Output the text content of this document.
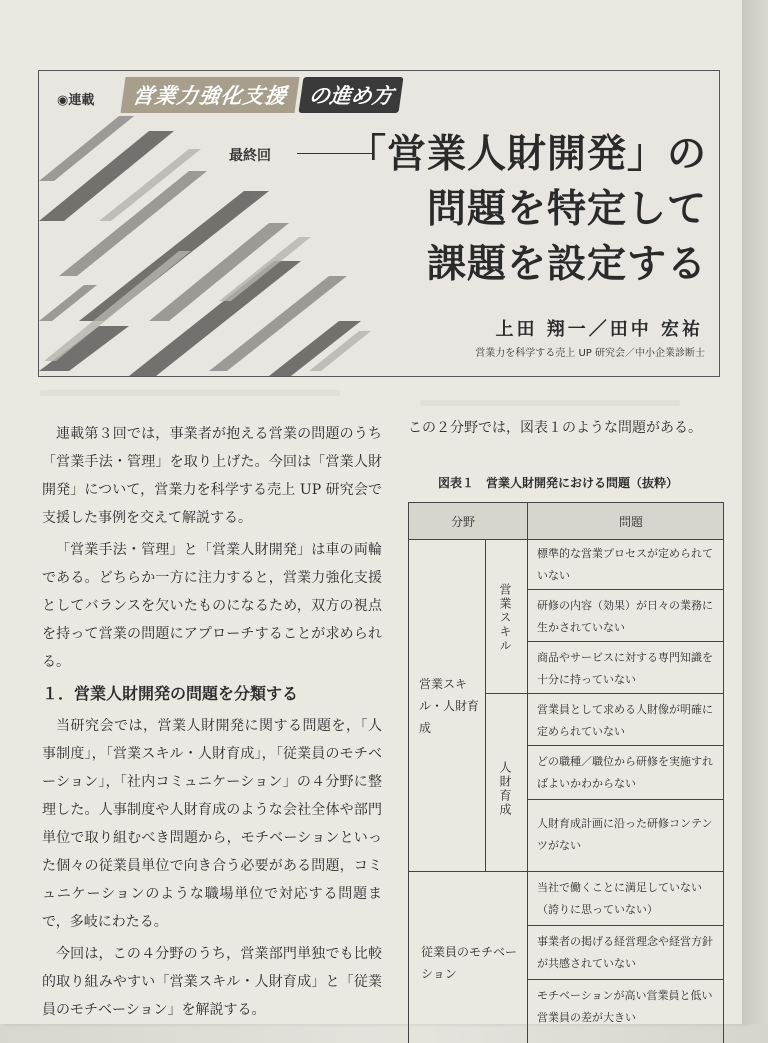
◉連載	営業力強化支援 の進め方
最終回 「営業人財開発」の
問題を特定して
課題を設定する
上田 翔一／田中 宏祐
営業力を科学する売上 UP 研究会／中小企業診断士

連載第３回では，事業者が抱える営業の問題のうち「営業手法・管理」を取り上げた。今回は「営業人財開発」について，営業力を科学する売上 UP 研究会で支援した事例を交えて解説する。

「営業手法・管理」と「営業人財開発」は車の両輪である。どちらか一方に注力すると，営業力強化支援としてバランスを欠いたものになるため，双方の視点を持って営業の問題にアプローチすることが求められる。

１．営業人財開発の問題を分類する

当研究会では，営業人財開発に関する問題を，「人事制度」，「営業スキル・人財育成」，「従業員のモチベーション」，「社内コミュニケーション」の４分野に整理した。人事制度や人財育成のような会社全体や部門単位で取り組むべき問題から，モチベーションといった個々の従業員単位で向き合う必要がある問題，コミュニケーションのような職場単位で対応する問題まで，多岐にわたる。

今回は，この４分野のうち，営業部門単独でも比較的取り組みやすい「営業スキル・人財育成」と「従業員のモチベーション」を解説する。

この２分野では，図表１のような問題がある。
図表１　営業人財開発における問題（抜粋）
分野	問題
営業スキル・人財育成
営業スキル
人財育成
従業員のモチベーション
標準的な営業プロセスが定められていない
研修の内容（効果）が日々の業務に生かされていない
商品やサービスに対する専門知識を十分に持っていない
営業員として求める人財像が明確に定められていない
どの職種／職位から研修を実施すればよいかわからない
人財育成計画に沿った研修コンテンツがない
当社で働くことに満足していない（誇りに思っていない）
事業者の掲げる経営理念や経営方針が共感されていない
モチベーションが高い営業員と低い営業員の差が大きい
